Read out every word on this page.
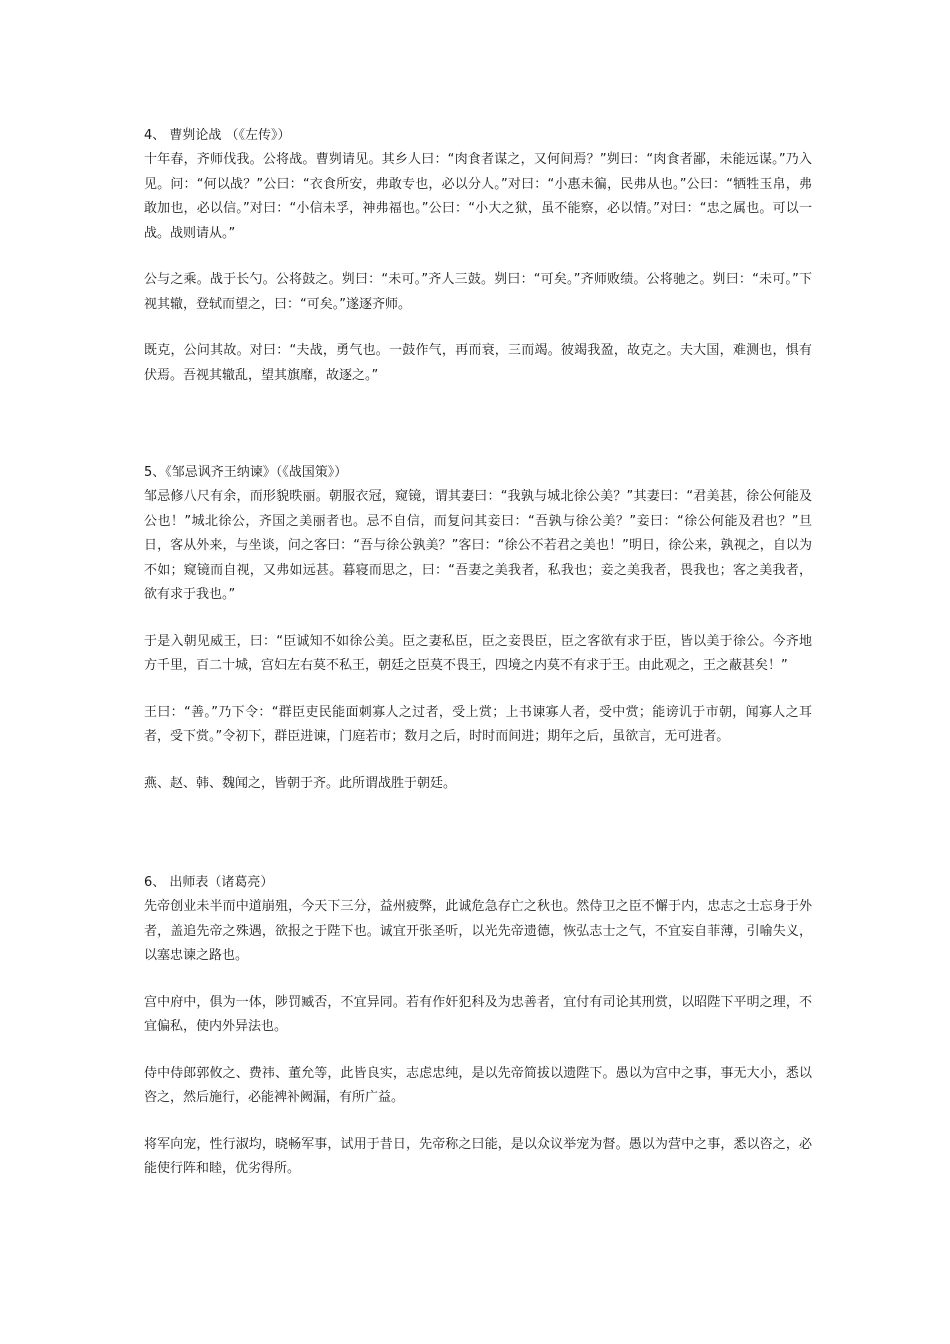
4、 曹刿论战 （《左传》）

十年春，齐师伐我。公将战。曹刿请见。其乡人曰：“肉食者谋之，又何间焉？”刿曰：“肉食者鄙，未能远谋。”乃入见。问：“何以战？”公曰：“衣食所安，弗敢专也，必以分人。”对曰：“小惠未徧，民弗从也。”公曰：“牺牲玉帛，弗敢加也，必以信。”对曰：“小信未孚，神弗福也。”公曰：“小大之狱，虽不能察，必以情。”对曰：“忠之属也。可以一战。战则请从。”

公与之乘。战于长勺。公将鼓之。刿曰：“未可。”齐人三鼓。刿曰：“可矣。”齐师败绩。公将驰之。刿曰：“未可。”下视其辙，登轼而望之，曰：“可矣。”遂逐齐师。

既克，公问其故。对曰：“夫战，勇气也。一鼓作气，再而衰，三而竭。彼竭我盈，故克之。夫大国，难测也，惧有伏焉。吾视其辙乱，望其旗靡，故逐之。”

5、《邹忌讽齐王纳谏》（《战国策》）

邹忌修八尺有余，而形貌昳丽。朝服衣冠，窥镜，谓其妻曰：“我孰与城北徐公美？”其妻曰：“君美甚，徐公何能及公也！”城北徐公，齐国之美丽者也。忌不自信，而复问其妾曰：“吾孰与徐公美？”妾曰：“徐公何能及君也？”旦日，客从外来，与坐谈，问之客曰：“吾与徐公孰美？”客曰：“徐公不若君之美也！”明日，徐公来，孰视之，自以为不如；窥镜而自视，又弗如远甚。暮寝而思之，曰：“吾妻之美我者，私我也；妾之美我者，畏我也；客之美我者，欲有求于我也。”

于是入朝见威王，曰：“臣诚知不如徐公美。臣之妻私臣，臣之妾畏臣，臣之客欲有求于臣，皆以美于徐公。今齐地方千里，百二十城，宫妇左右莫不私王，朝廷之臣莫不畏王，四境之内莫不有求于王。由此观之，王之蔽甚矣！”

王曰：“善。”乃下令：“群臣吏民能面刺寡人之过者，受上赏；上书谏寡人者，受中赏；能谤讥于市朝，闻寡人之耳者，受下赏。”令初下，群臣进谏，门庭若市；数月之后，时时而间进；期年之后，虽欲言，无可进者。

燕、赵、韩、魏闻之，皆朝于齐。此所谓战胜于朝廷。

6、 出师表（诸葛亮）

先帝创业未半而中道崩殂，今天下三分，益州疲弊，此诚危急存亡之秋也。然侍卫之臣不懈于内，忠志之士忘身于外者，盖追先帝之殊遇，欲报之于陛下也。诚宜开张圣听，以光先帝遗德，恢弘志士之气，不宜妄自菲薄，引喻失义，以塞忠谏之路也。

宫中府中，俱为一体，陟罚臧否，不宜异同。若有作奸犯科及为忠善者，宜付有司论其刑赏，以昭陛下平明之理，不宜偏私，使内外异法也。

侍中侍郎郭攸之、费祎、董允等，此皆良实，志虑忠纯，是以先帝简拔以遗陛下。愚以为宫中之事，事无大小，悉以咨之，然后施行，必能裨补阙漏，有所广益。

将军向宠，性行淑均，晓畅军事，试用于昔日，先帝称之曰能，是以众议举宠为督。愚以为营中之事，悉以咨之，必能使行阵和睦，优劣得所。
